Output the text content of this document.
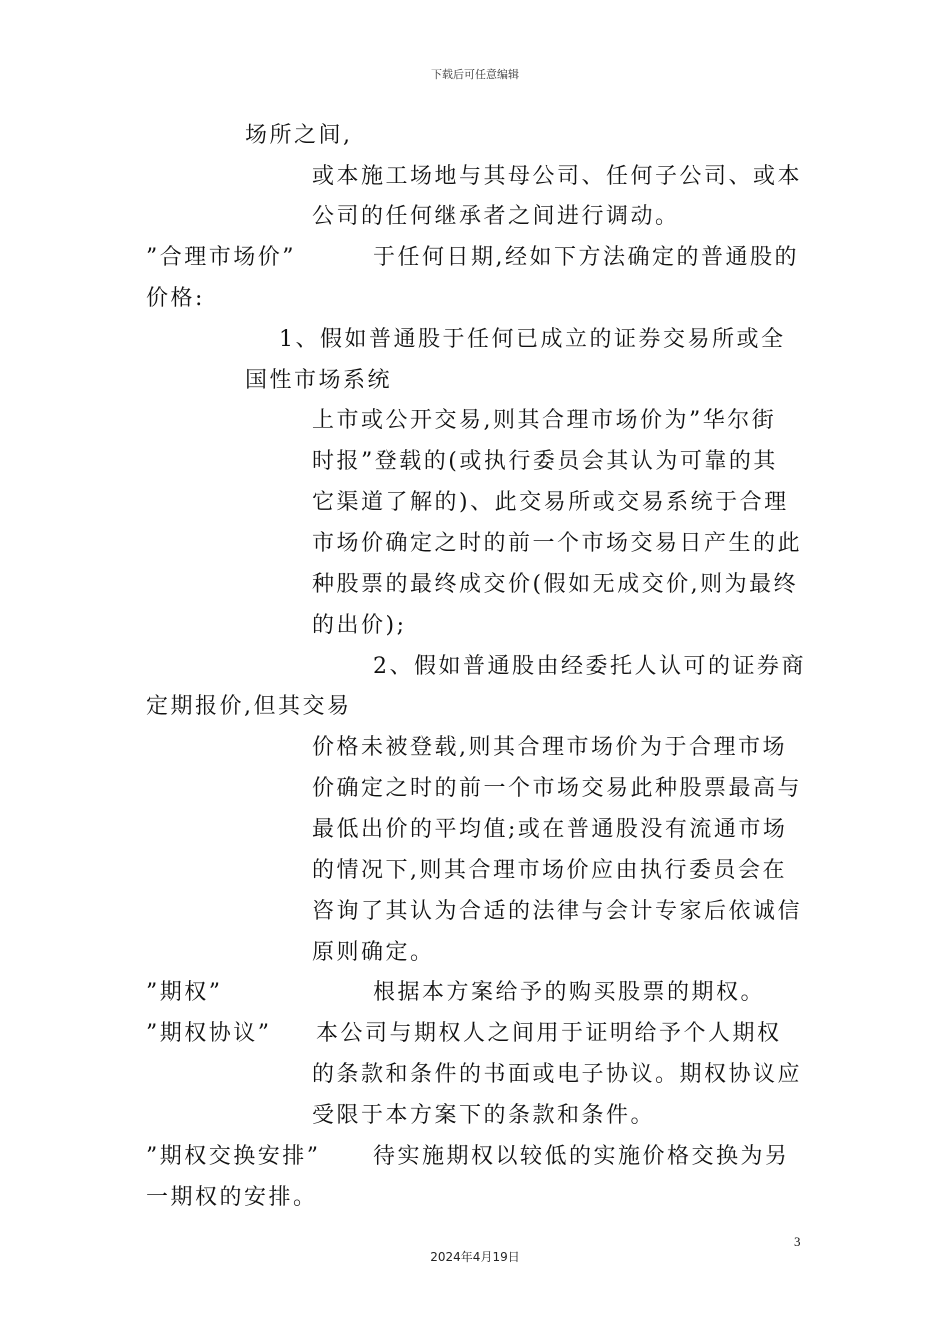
下载后可任意编辑
场所之间,
或本施工场地与其母公司、任何子公司、或本
公司的任何继承者之间进行调动。
”合理市场价”	于任何日期,经如下方法确定的普通股的
价格:
1、假如普通股于任何已成立的证券交易所或全
国性市场系统
上市或公开交易,则其合理市场价为”华尔街
时报”登载的(或执行委员会其认为可靠的其
它渠道了解的)、此交易所或交易系统于合理
市场价确定之时的前一个市场交易日产生的此
种股票的最终成交价(假如无成交价,则为最终
的出价);
2、假如普通股由经委托人认可的证券商
定期报价,但其交易
价格未被登载,则其合理市场价为于合理市场
价确定之时的前一个市场交易此种股票最高与
最低出价的平均值;或在普通股没有流通市场
的情况下,则其合理市场价应由执行委员会在
咨询了其认为合适的法律与会计专家后依诚信
原则确定。
”期权”	根据本方案给予的购买股票的期权。
”期权协议” 本公司与期权人之间用于证明给予个人期权
的条款和条件的书面或电子协议。期权协议应
受限于本方案下的条款和条件。
”期权交换安排” 待实施期权以较低的实施价格交换为另
一期权的安排。
3
2024年4月19日
